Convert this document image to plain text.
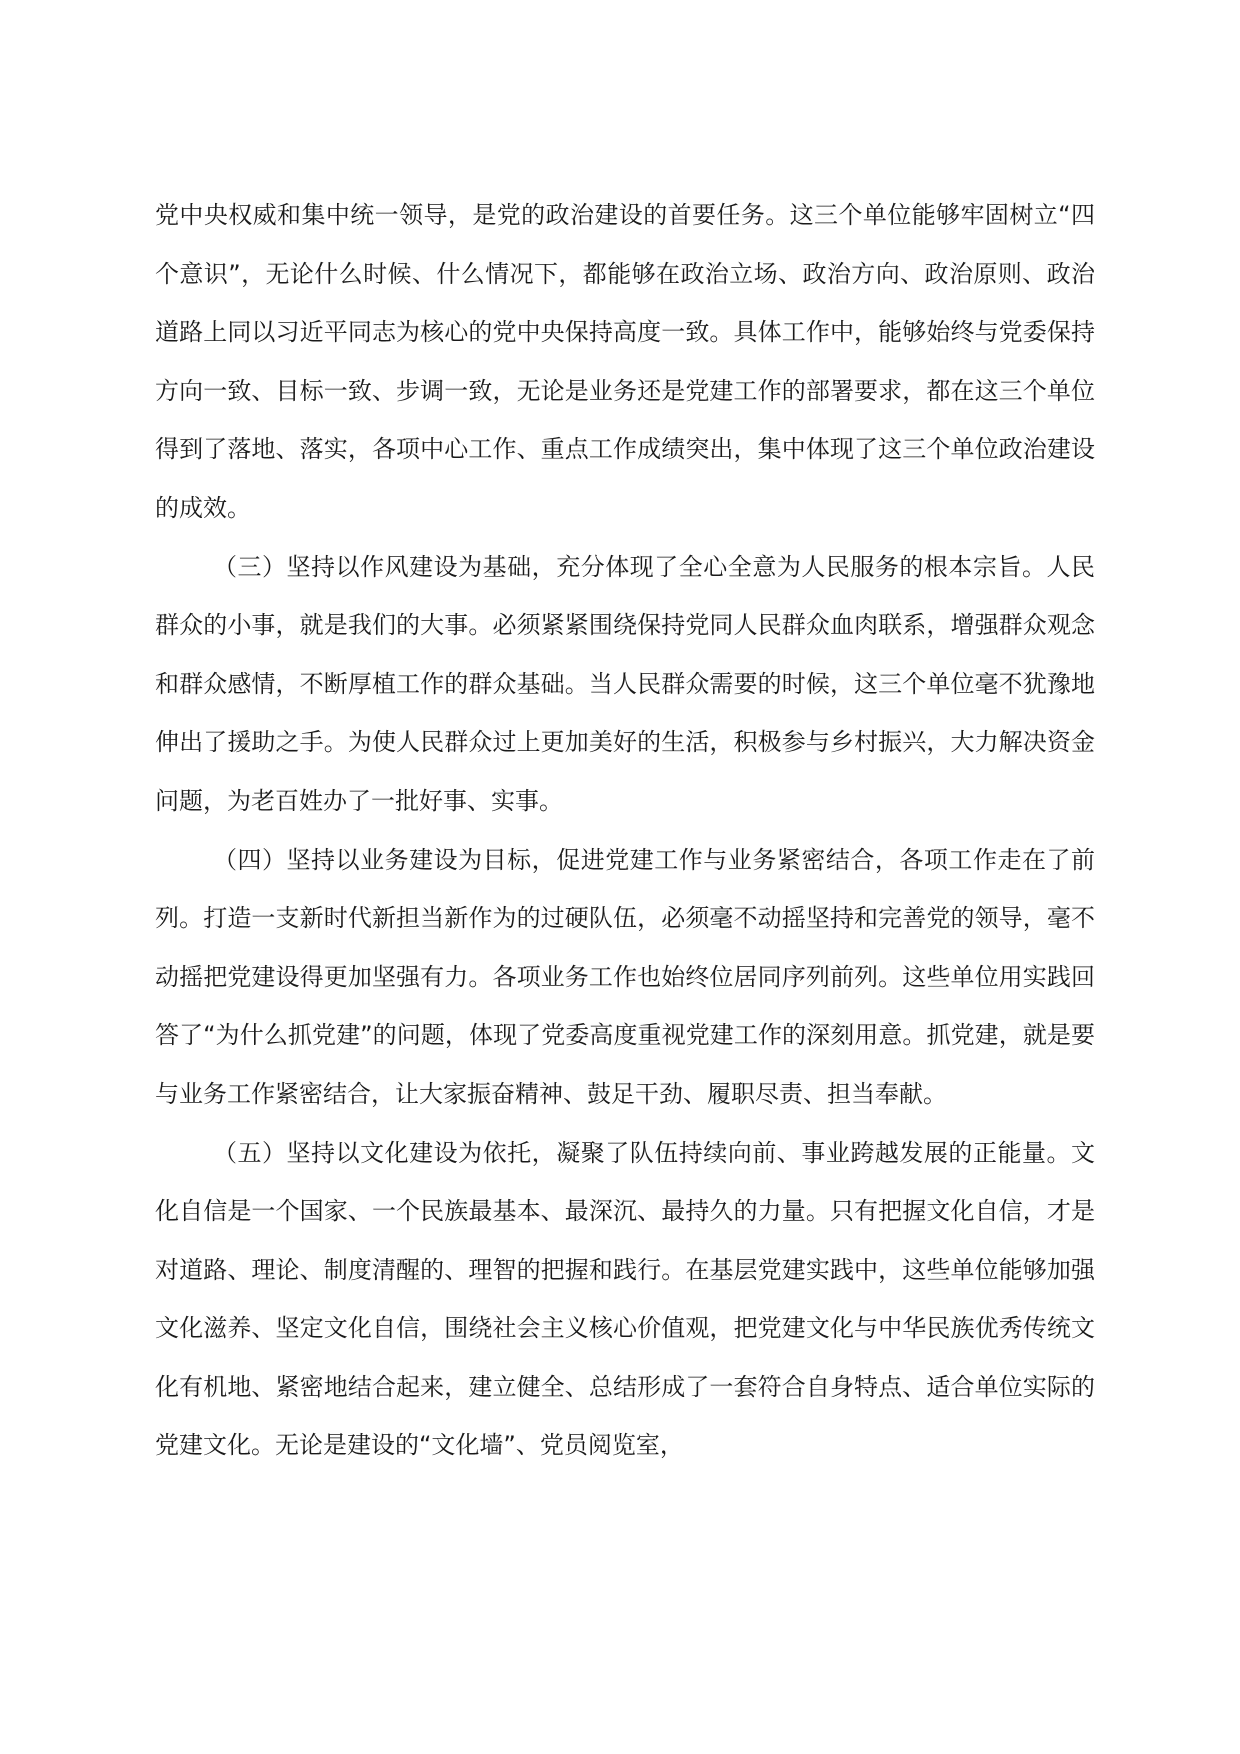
党中央权威和集中统一领导，是党的政治建设的首要任务。这三个单位能够牢固树立“四个意识”，无论什么时候、什么情况下，都能够在政治立场、政治方向、政治原则、政治道路上同以习近平同志为核心的党中央保持高度一致。具体工作中，能够始终与党委保持方向一致、目标一致、步调一致，无论是业务还是党建工作的部署要求，都在这三个单位得到了落地、落实，各项中心工作、重点工作成绩突出，集中体现了这三个单位政治建设的成效。

（三）坚持以作风建设为基础，充分体现了全心全意为人民服务的根本宗旨。人民群众的小事，就是我们的大事。必须紧紧围绕保持党同人民群众血肉联系，增强群众观念和群众感情，不断厚植工作的群众基础。当人民群众需要的时候，这三个单位毫不犹豫地伸出了援助之手。为使人民群众过上更加美好的生活，积极参与乡村振兴，大力解决资金问题，为老百姓办了一批好事、实事。

（四）坚持以业务建设为目标，促进党建工作与业务紧密结合，各项工作走在了前列。打造一支新时代新担当新作为的过硬队伍，必须毫不动摇坚持和完善党的领导，毫不动摇把党建设得更加坚强有力。各项业务工作也始终位居同序列前列。这些单位用实践回答了“为什么抓党建”的问题，体现了党委高度重视党建工作的深刻用意。抓党建，就是要与业务工作紧密结合，让大家振奋精神、鼓足干劲、履职尽责、担当奉献。

（五）坚持以文化建设为依托，凝聚了队伍持续向前、事业跨越发展的正能量。文化自信是一个国家、一个民族最基本、最深沉、最持久的力量。只有把握文化自信，才是对道路、理论、制度清醒的、理智的把握和践行。在基层党建实践中，这些单位能够加强文化滋养、坚定文化自信，围绕社会主义核心价值观，把党建文化与中华民族优秀传统文化有机地、紧密地结合起来，建立健全、总结形成了一套符合自身特点、适合单位实际的党建文化。无论是建设的“文化墙”、党员阅览室，
